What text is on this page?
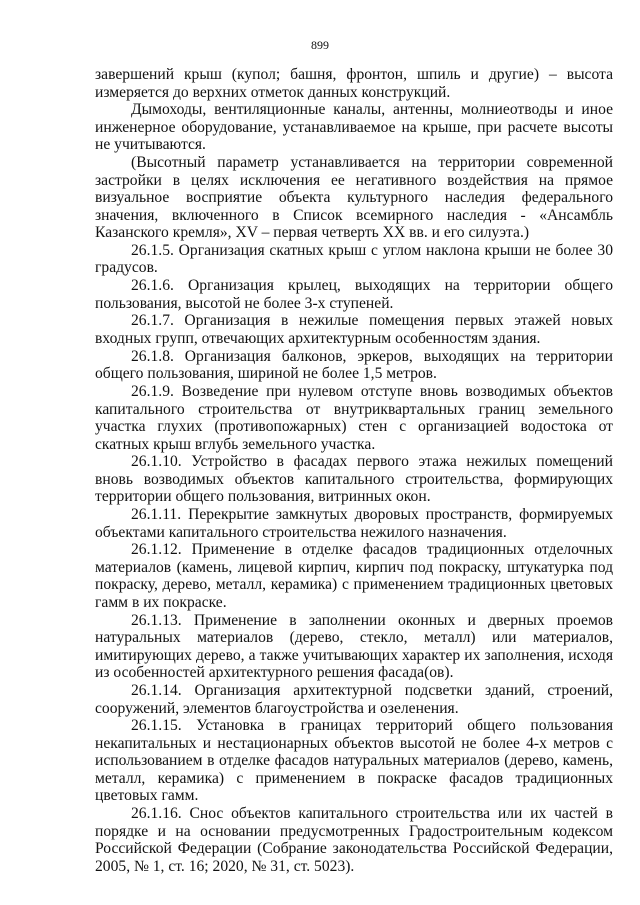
899

завершений крыш (купол; башня, фронтон, шпиль и другие) – высота измеряется до верхних отметок данных конструкций.

Дымоходы, вентиляционные каналы, антенны, молниеотводы и иное инженерное оборудование, устанавливаемое на крыше, при расчете высоты не учитываются.

(Высотный параметр устанавливается на территории современной застройки в целях исключения ее негативного воздействия на прямое визуальное восприятие объекта культурного наследия федерального значения, включенного в Список всемирного наследия - «Ансамбль Казанского кремля», XV – первая четверть XX вв. и его силуэта.)

26.1.5. Организация скатных крыш с углом наклона крыши не более 30 градусов.

26.1.6. Организация крылец, выходящих на территории общего пользования, высотой не более 3-х ступеней.

26.1.7. Организация в нежилые помещения первых этажей новых входных групп, отвечающих архитектурным особенностям здания.

26.1.8. Организация балконов, эркеров, выходящих на территории общего пользования, шириной не более 1,5 метров.

26.1.9. Возведение при нулевом отступе вновь возводимых объектов капитального строительства от внутриквартальных границ земельного участка глухих (противопожарных) стен с организацией водостока от скатных крыш вглубь земельного участка.

26.1.10. Устройство в фасадах первого этажа нежилых помещений вновь возводимых объектов капитального строительства, формирующих территории общего пользования, витринных окон.

26.1.11. Перекрытие замкнутых дворовых пространств, формируемых объектами капитального строительства нежилого назначения.

26.1.12. Применение в отделке фасадов традиционных отделочных материалов (камень, лицевой кирпич, кирпич под покраску, штукатурка под покраску, дерево, металл, керамика) с применением традиционных цветовых гамм в их покраске.

26.1.13. Применение в заполнении оконных и дверных проемов натуральных материалов (дерево, стекло, металл) или материалов, имитирующих дерево, а также учитывающих характер их заполнения, исходя из особенностей архитектурного решения фасада(ов).

26.1.14. Организация архитектурной подсветки зданий, строений, сооружений, элементов благоустройства и озеленения.

26.1.15. Установка в границах территорий общего пользования некапитальных и нестационарных объектов высотой не более 4-х метров с использованием в отделке фасадов натуральных материалов (дерево, камень, металл, керамика) с применением в покраске фасадов традиционных цветовых гамм.

26.1.16. Снос объектов капитального строительства или их частей в порядке и на основании предусмотренных Градостроительным кодексом Российской Федерации (Собрание законодательства Российской Федерации, 2005, № 1, ст. 16; 2020, № 31, ст. 5023).
